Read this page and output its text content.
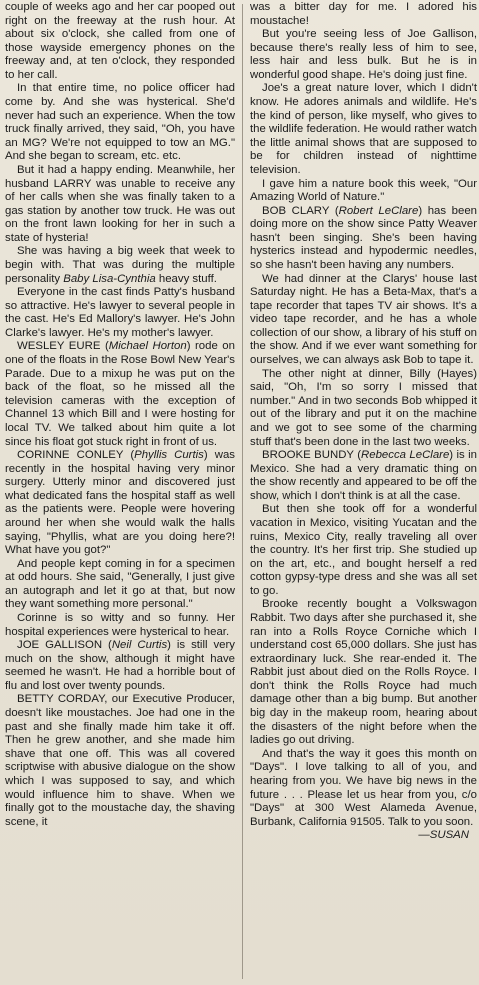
couple of weeks ago and her car pooped out right on the freeway at the rush hour. At about six o'clock, she called from one of those wayside emergency phones on the freeway and, at ten o'clock, they responded to her call.

In that entire time, no police officer had come by. And she was hysterical. She'd never had such an experience. When the tow truck finally arrived, they said, "Oh, you have an MG? We're not equipped to tow an MG." And she began to scream, etc. etc.

But it had a happy ending. Meanwhile, her husband LARRY was unable to receive any of her calls when she was finally taken to a gas station by another tow truck. He was out on the front lawn looking for her in such a state of hysteria!

She was having a big week that week to begin with. That was during the multiple personality Baby Lisa-Cynthia heavy stuff.

Everyone in the cast finds Patty's husband so attractive. He's lawyer to several people in the cast. He's Ed Mallory's lawyer. He's John Clarke's lawyer. He's my mother's lawyer.

WESLEY EURE (Michael Horton) rode on one of the floats in the Rose Bowl New Year's Parade. Due to a mixup he was put on the back of the float, so he missed all the television cameras with the exception of Channel 13 which Bill and I were hosting for local TV. We talked about him quite a lot since his float got stuck right in front of us.

CORINNE CONLEY (Phyllis Curtis) was recently in the hospital having very minor surgery. Utterly minor and discovered just what dedicated fans the hospital staff as well as the patients were. People were hovering around her when she would walk the halls saying, "Phyllis, what are you doing here?! What have you got?"

And people kept coming in for a specimen at odd hours. She said, "Generally, I just give an autograph and let it go at that, but now they want something more personal."

Corinne is so witty and so funny. Her hospital experiences were hysterical to hear.

JOE GALLISON (Neil Curtis) is still very much on the show, although it might have seemed he wasn't. He had a horrible bout of flu and lost over twenty pounds.

BETTY CORDAY, our Executive Producer, doesn't like moustaches. Joe had one in the past and she finally made him take it off. Then he grew another, and she made him shave that one off. This was all covered scriptwise with abusive dialogue on the show which I was supposed to say, and which would influence him to shave. When we finally got to the moustache day, the shaving scene, it

was a bitter day for me. I adored his moustache!

But you're seeing less of Joe Gallison, because there's really less of him to see, less hair and less bulk. But he is in wonderful good shape. He's doing just fine.

Joe's a great nature lover, which I didn't know. He adores animals and wildlife. He's the kind of person, like myself, who gives to the wildlife federation. He would rather watch the little animal shows that are supposed to be for children instead of nighttime television.

I gave him a nature book this week, "Our Amazing World of Nature."

BOB CLARY (Robert LeClare) has been doing more on the show since Patty Weaver hasn't been singing. She's been having hysterics instead and hypodermic needles, so she hasn't been having any numbers.

We had dinner at the Clarys' house last Saturday night. He has a Beta-Max, that's a tape recorder that tapes TV air shows. It's a video tape recorder, and he has a whole collection of our show, a library of his stuff on the show. And if we ever want something for ourselves, we can always ask Bob to tape it.

The other night at dinner, Billy (Hayes) said, "Oh, I'm so sorry I missed that number." And in two seconds Bob whipped it out of the library and put it on the machine and we got to see some of the charming stuff that's been done in the last two weeks.

BROOKE BUNDY (Rebecca LeClare) is in Mexico. She had a very dramatic thing on the show recently and appeared to be off the show, which I don't think is at all the case.

But then she took off for a wonderful vacation in Mexico, visiting Yucatan and the ruins, Mexico City, really traveling all over the country. It's her first trip. She studied up on the art, etc., and bought herself a red cotton gypsy-type dress and she was all set to go.

Brooke recently bought a Volkswagon Rabbit. Two days after she purchased it, she ran into a Rolls Royce Corniche which I understand cost 65,000 dollars. She just has extraordinary luck. She rear-ended it. The Rabbit just about died on the Rolls Royce. I don't think the Rolls Royce had much damage other than a big bump. But another big day in the makeup room, hearing about the disasters of the night before when the ladies go out driving.

And that's the way it goes this month on "Days". I love talking to all of you, and hearing from you. We have big news in the future . . . Please let us hear from you, c/o "Days" at 300 West Alameda Avenue, Burbank, California 91505. Talk to you soon.
—SUSAN
